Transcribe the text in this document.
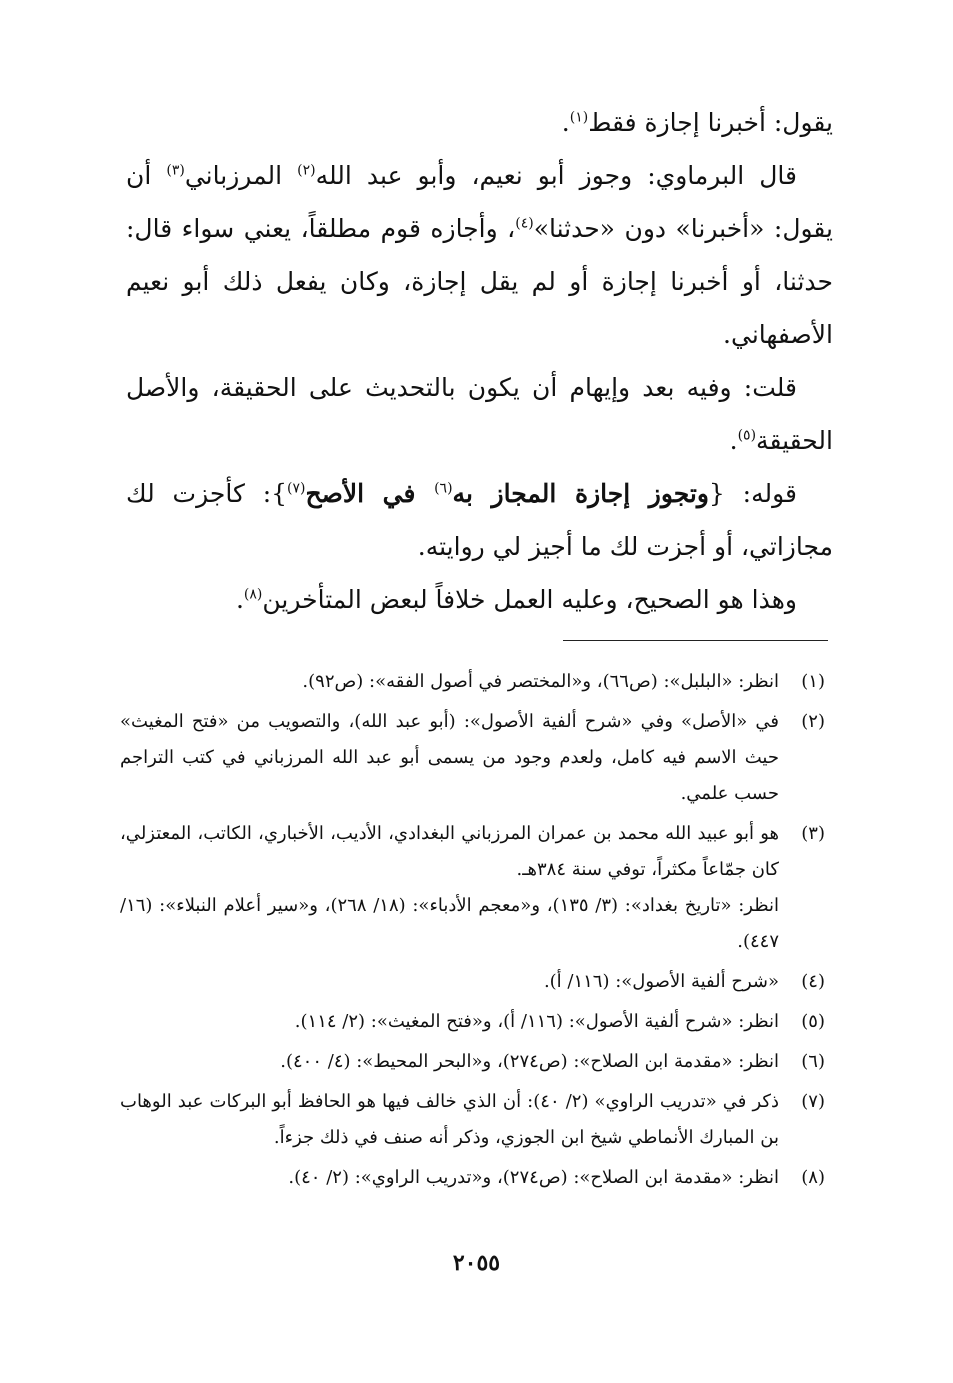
يقول: أخبرنا إجازة فقط$^{(١)}$.

قال البرماوي: وجوز أبو نعيم، وأبو عبد الله$^{(٢)}$ المرزباني$^{(٣)}$ أن يقول: «أخبرنا» دون «حدثنا»$^{(٤)}$، وأجازه قوم مطلقاً، يعني سواء قال: حدثنا، أو أخبرنا إجازة أو لم يقل إجازة، وكان يفعل ذلك أبو نعيم الأصفهاني.

قلت: وفيه بعد وإيهام أن يكون بالتحديث على الحقيقة، والأصل الحقيقة$^{(٥)}$.

قوله: {وتجوز إجازة المجاز به$^{(٦)}$ في الأصح$^{(٧)}$}: كأجزت لك مجازاتي، أو أجزت لك ما أجيز لي روايته.

وهذا هو الصحيح، وعليه العمل خلافاً لبعض المتأخرين$^{(٨)}$.

(١)

انظر: «البلبل»: (ص٦٦)، و«المختصر في أصول الفقه»: (ص٩٢).

(٢)

في «الأصل» وفي «شرح ألفية الأصول»: (أبو عبد الله)، والتصويب من «فتح المغيث» حيث الاسم فيه كامل، ولعدم وجود من يسمى أبو عبد الله المرزباني في كتب التراجم حسب علمي.

(٣)

هو أبو عبيد الله محمد بن عمران المرزباني البغدادي، الأديب، الأخباري، الكاتب، المعتزلي، كان جمّاعاً مكثراً، توفي سنة ٣٨٤هـ.

انظر: «تاريخ بغداد»: (٣/ ١٣٥)، و«معجم الأدباء»: (١٨/ ٢٦٨)، و«سير أعلام النبلاء»: (١٦/ ٤٤٧).

(٤)

«شرح ألفية الأصول»: (١١٦/ أ).

(٥)

انظر: «شرح ألفية الأصول»: (١١٦/ أ)، و«فتح المغيث»: (٢/ ١١٤).

(٦)

انظر: «مقدمة ابن الصلاح»: (ص٢٧٤)، و«البحر المحيط»: (٤/ ٤٠٠).

(٧)

ذكر في «تدريب الراوي» (٢/ ٤٠): أن الذي خالف فيها هو الحافظ أبو البركات عبد الوهاب بن المبارك الأنماطي شيخ ابن الجوزي، وذكر أنه صنف في ذلك جزءاً.

(٨)

انظر: «مقدمة ابن الصلاح»: (ص٢٧٤)، و«تدريب الراوي»: (٢/ ٤٠).

٢٠٥٥
